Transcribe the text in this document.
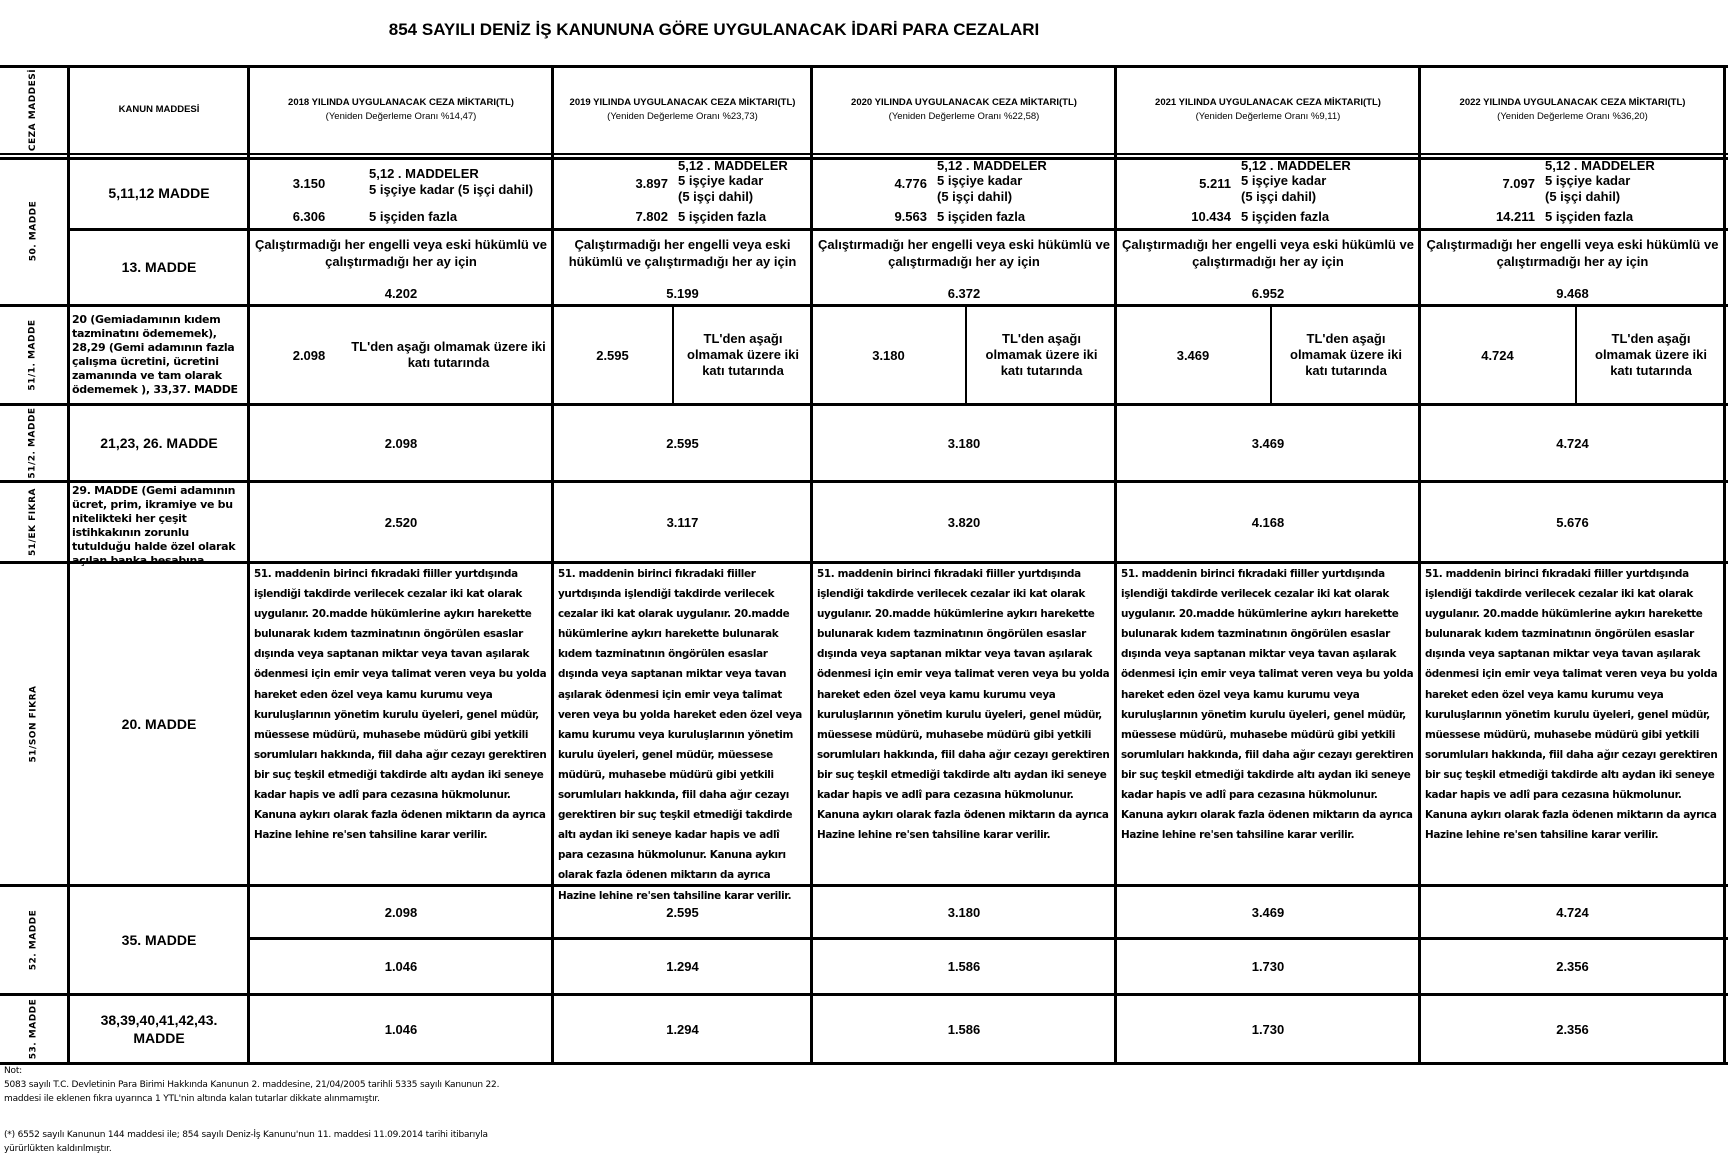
854 SAYILI DENİZ İŞ KANUNUNA GÖRE UYGULANACAK İDARİ PARA CEZALARI
CEZA MADDESİ	KANUN MADDESİ
2018 YILINDA UYGULANACAK CEZA MİKTARI(TL)
(Yeniden Değerleme Oranı %14,47)
2019 YILINDA UYGULANACAK CEZA MİKTARI(TL)
(Yeniden Değerleme Oranı %23,73)
2020 YILINDA UYGULANACAK CEZA MİKTARI(TL)
(Yeniden Değerleme Oranı %22,58)
2021 YILINDA UYGULANACAK CEZA MİKTARI(TL)
(Yeniden Değerleme Oranı %9,11)
2022 YILINDA UYGULANACAK CEZA MİKTARI(TL)
(Yeniden Değerleme Oranı %36,20)
50. MADDE
51/1. MADDE
51/2. MADDE
51/EK FIKRA
51/SON FIKRA
52. MADDE
53. MADDE
5,11,12 MADDE
13. MADDE
20 (Gemiadamının kıdem tazminatını ödememek), 28,29 (Gemi adamının fazla çalışma ücretini, ücretini zamanında ve tam olarak ödememek ), 33,37. MADDE
21,23, 26. MADDE
29. MADDE (Gemi adamının ücret, prim, ikramiye ve bu nitelikteki her çeşit istihkakının zorunlu tutulduğu halde özel olarak açılan banka hesabına
20. MADDE
35. MADDE
38,39,40,41,42,43. MADDE
3.150
5,12 . MADDELER
5 işçiye kadar (5 işçi dahil)
6.306	5 işçiden fazla
Çalıştırmadığı her engelli veya eski hükümlü ve çalıştırmadığı her ay için
4.202
2.098
TL'den aşağı olmamak üzere iki katı tutarında
2.098
2.520
51. maddenin birinci fıkradaki fiiller yurtdışında işlendiği takdirde verilecek cezalar iki kat olarak uygulanır. 20.madde hükümlerine aykırı harekette bulunarak kıdem tazminatının öngörülen esaslar dışında veya saptanan miktar veya tavan aşılarak ödenmesi için emir veya talimat veren veya bu yolda hareket eden özel veya kamu kurumu veya kuruluşlarının yönetim kurulu üyeleri, genel müdür, müessese müdürü, muhasebe müdürü gibi yetkili sorumluları hakkında, fiil daha ağır cezayı gerektiren bir suç teşkil etmediği takdirde altı aydan iki seneye kadar hapis ve adlî para cezasına hükmolunur. Kanuna aykırı olarak fazla ödenen miktarın da ayrıca Hazine lehine re'sen tahsiline karar verilir.
2.098
1.046
1.046
3.897
5,12 . MADDELER
5 işçiye kadar
(5 işçi dahil)
7.802 5 işçiden fazla
Çalıştırmadığı her engelli veya eski hükümlü ve çalıştırmadığı her ay için
5.199
2.595
TL'den aşağı olmamak üzere iki katı tutarında
2.595
3.117
51. maddenin birinci fıkradaki fiiller yurtdışında işlendiği takdirde verilecek cezalar iki kat olarak uygulanır. 20.madde hükümlerine aykırı harekette bulunarak kıdem tazminatının öngörülen esaslar dışında veya saptanan miktar veya tavan aşılarak ödenmesi için emir veya talimat veren veya bu yolda hareket eden özel veya kamu kurumu veya kuruluşlarının yönetim kurulu üyeleri, genel müdür, müessese müdürü, muhasebe müdürü gibi yetkili sorumluları hakkında, fiil daha ağır cezayı gerektiren bir suç teşkil etmediği takdirde altı aydan iki seneye kadar hapis ve adlî para cezasına hükmolunur. Kanuna aykırı olarak fazla ödenen miktarın da ayrıca Hazine lehine re'sen tahsiline karar verilir.
2.595
1.294
1.294
4.776
5,12 . MADDELER
5 işçiye kadar
(5 işçi dahil)
9.563 5 işçiden fazla
Çalıştırmadığı her engelli veya eski hükümlü ve çalıştırmadığı her ay için
6.372
3.180
TL'den aşağı olmamak üzere iki katı tutarında
3.180
3.820
51. maddenin birinci fıkradaki fiiller yurtdışında işlendiği takdirde verilecek cezalar iki kat olarak uygulanır. 20.madde hükümlerine aykırı harekette bulunarak kıdem tazminatının öngörülen esaslar dışında veya saptanan miktar veya tavan aşılarak ödenmesi için emir veya talimat veren veya bu yolda hareket eden özel veya kamu kurumu veya kuruluşlarının yönetim kurulu üyeleri, genel müdür, müessese müdürü, muhasebe müdürü gibi yetkili sorumluları hakkında, fiil daha ağır cezayı gerektiren bir suç teşkil etmediği takdirde altı aydan iki seneye kadar hapis ve adlî para cezasına hükmolunur. Kanuna aykırı olarak fazla ödenen miktarın da ayrıca Hazine lehine re'sen tahsiline karar verilir.
3.180
1.586
1.586
5.211
5,12 . MADDELER
5 işçiye kadar
(5 işçi dahil)
10.434 5 işçiden fazla
Çalıştırmadığı her engelli veya eski hükümlü ve çalıştırmadığı her ay için
6.952
3.469
TL'den aşağı olmamak üzere iki katı tutarında
3.469
4.168
51. maddenin birinci fıkradaki fiiller yurtdışında işlendiği takdirde verilecek cezalar iki kat olarak uygulanır. 20.madde hükümlerine aykırı harekette bulunarak kıdem tazminatının öngörülen esaslar dışında veya saptanan miktar veya tavan aşılarak ödenmesi için emir veya talimat veren veya bu yolda hareket eden özel veya kamu kurumu veya kuruluşlarının yönetim kurulu üyeleri, genel müdür, müessese müdürü, muhasebe müdürü gibi yetkili sorumluları hakkında, fiil daha ağır cezayı gerektiren bir suç teşkil etmediği takdirde altı aydan iki seneye kadar hapis ve adlî para cezasına hükmolunur. Kanuna aykırı olarak fazla ödenen miktarın da ayrıca Hazine lehine re'sen tahsiline karar verilir.
3.469
1.730
1.730
7.097
5,12 . MADDELER
5 işçiye kadar
(5 işçi dahil)
14.211 5 işçiden fazla
Çalıştırmadığı her engelli veya eski hükümlü ve çalıştırmadığı her ay için
9.468
4.724
TL'den aşağı olmamak üzere iki katı tutarında
4.724
5.676
51. maddenin birinci fıkradaki fiiller yurtdışında işlendiği takdirde verilecek cezalar iki kat olarak uygulanır. 20.madde hükümlerine aykırı harekette bulunarak kıdem tazminatının öngörülen esaslar dışında veya saptanan miktar veya tavan aşılarak ödenmesi için emir veya talimat veren veya bu yolda hareket eden özel veya kamu kurumu veya kuruluşlarının yönetim kurulu üyeleri, genel müdür, müessese müdürü, muhasebe müdürü gibi yetkili sorumluları hakkında, fiil daha ağır cezayı gerektiren bir suç teşkil etmediği takdirde altı aydan iki seneye kadar hapis ve adlî para cezasına hükmolunur. Kanuna aykırı olarak fazla ödenen miktarın da ayrıca Hazine lehine re'sen tahsiline karar verilir.
4.724
2.356
2.356
Not:
5083 sayılı T.C. Devletinin Para Birimi Hakkında Kanunun 2. maddesine, 21/04/2005 tarihli 5335 sayılı Kanunun 22.
maddesi ile eklenen fıkra uyarınca 1 YTL'nin altında kalan tutarlar dikkate alınmamıştır.
(*) 6552 sayılı Kanunun 144 maddesi ile; 854 sayılı Deniz-İş Kanunu'nun 11. maddesi 11.09.2014 tarihi itibarıyla
yürürlükten kaldırılmıştır.
